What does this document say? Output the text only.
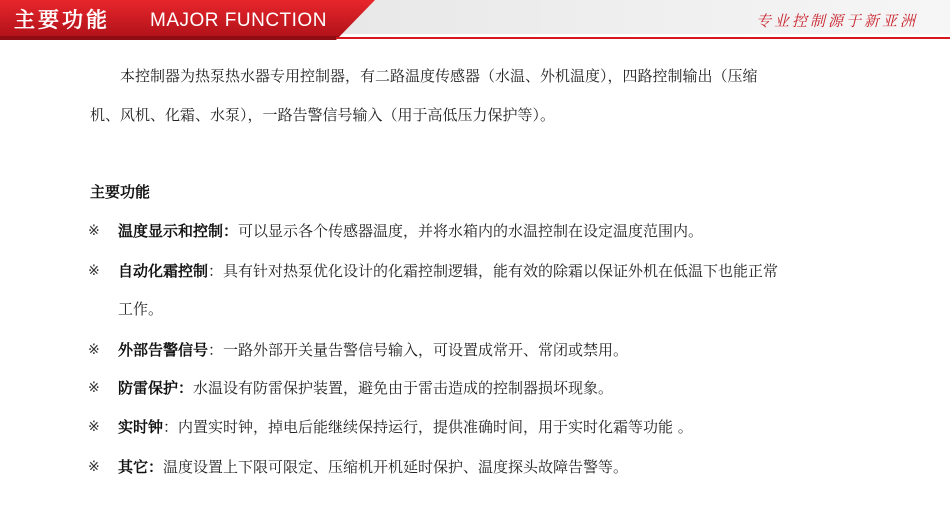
主要功能 MAJOR FUNCTION	专业控制源于新亚洲
本控制器为热泵热水器专用控制器，有二路温度传感器（水温、外机温度），四路控制输出（压缩
机、风机、化霜、水泵），一路告警信号输入（用于高低压力保护等）。
主要功能
※	温度显示和控制：可以显示各个传感器温度，并将水箱内的水温控制在设定温度范围内。
※	自动化霜控制：具有针对热泵优化设计的化霜控制逻辑，能有效的除霜以保证外机在低温下也能正常
工作。
※	外部告警信号：一路外部开关量告警信号输入，可设置成常开、常闭或禁用。
※	防雷保护：水温设有防雷保护装置，避免由于雷击造成的控制器损坏现象。
※	实时钟：内置实时钟，掉电后能继续保持运行，提供准确时间，用于实时化霜等功能 。
※	其它：温度设置上下限可限定、压缩机开机延时保护、温度探头故障告警等。
